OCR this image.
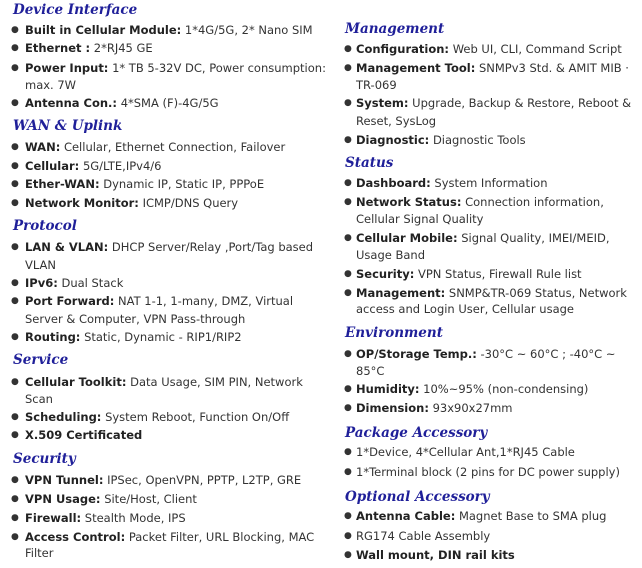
Device Interface
● Built in Cellular Module: 1*4G/5G, 2* Nano SIM
● Ethernet : 2*RJ45 GE
● Power Input: 1* TB 5-32V DC, Power consumption:
max. 7W
● Antenna Con.: 4*SMA (F)-4G/5G
WAN & Uplink
● WAN: Cellular, Ethernet Connection, Failover
● Cellular: 5G/LTE,IPv4/6
● Ether-WAN: Dynamic IP, Static IP, PPPoE
● Network Monitor: ICMP/DNS Query
Protocol
● LAN & VLAN: DHCP Server/Relay ,Port/Tag based
VLAN
● IPv6: Dual Stack
● Port Forward: NAT 1-1, 1-many, DMZ, Virtual
Server & Computer, VPN Pass-through
● Routing: Static, Dynamic - RIP1/RIP2
Service
● Cellular Toolkit: Data Usage, SIM PIN, Network
Scan
● Scheduling: System Reboot, Function On/Off
● X.509 Certificated
Security
● VPN Tunnel: IPSec, OpenVPN, PPTP, L2TP, GRE
● VPN Usage: Site/Host, Client
● Firewall: Stealth Mode, IPS
● Access Control: Packet Filter, URL Blocking, MAC
Filter
Management
● Configuration: Web UI, CLI, Command Script
● Management Tool: SNMPv3 Std. & AMIT MIB ·
TR-069
● System: Upgrade, Backup & Restore, Reboot &
Reset, SysLog
● Diagnostic: Diagnostic Tools
Status
● Dashboard: System Information
● Network Status: Connection information,
Cellular Signal Quality
● Cellular Mobile: Signal Quality, IMEI/MEID,
Usage Band
● Security: VPN Status, Firewall Rule list
● Management: SNMP&TR-069 Status, Network
access and Login User, Cellular usage
Environment
● OP/Storage Temp.: -30°C ~ 60°C ; -40°C ~
85°C
● Humidity: 10%~95% (non-condensing)
● Dimension: 93x90x27mm
Package Accessory
● 1*Device, 4*Cellular Ant,1*RJ45 Cable
● 1*Terminal block (2 pins for DC power supply)
Optional Accessory
● Antenna Cable: Magnet Base to SMA plug
● RG174 Cable Assembly
● Wall mount, DIN rail kits
